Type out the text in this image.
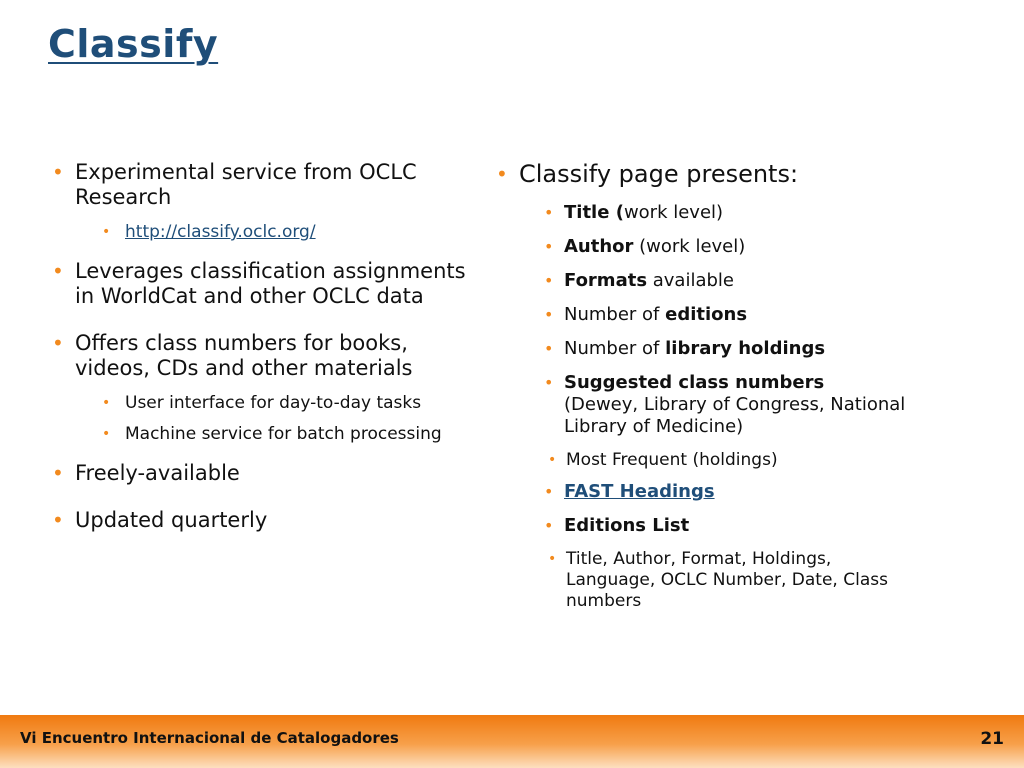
Classify
• Experimental service from OCLC Research
• http://classify.oclc.org/
• Leverages classification assignments in WorldCat and other OCLC data
• Offers class numbers for books, videos, CDs and other materials
• User interface for day-to-day tasks
• Machine service for batch processing
• Freely-available
• Updated quarterly
• Classify page presents:
• Title (work level)
• Author (work level)
• Formats available
• Number of editions
• Number of library holdings
• Suggested class numbers
(Dewey, Library of Congress, National Library of Medicine)
• Most Frequent (holdings)
• FAST Headings
• Editions List
• Title, Author, Format, Holdings, Language, OCLC Number, Date, Class numbers
Vi Encuentro Internacional de Catalogadores	21
